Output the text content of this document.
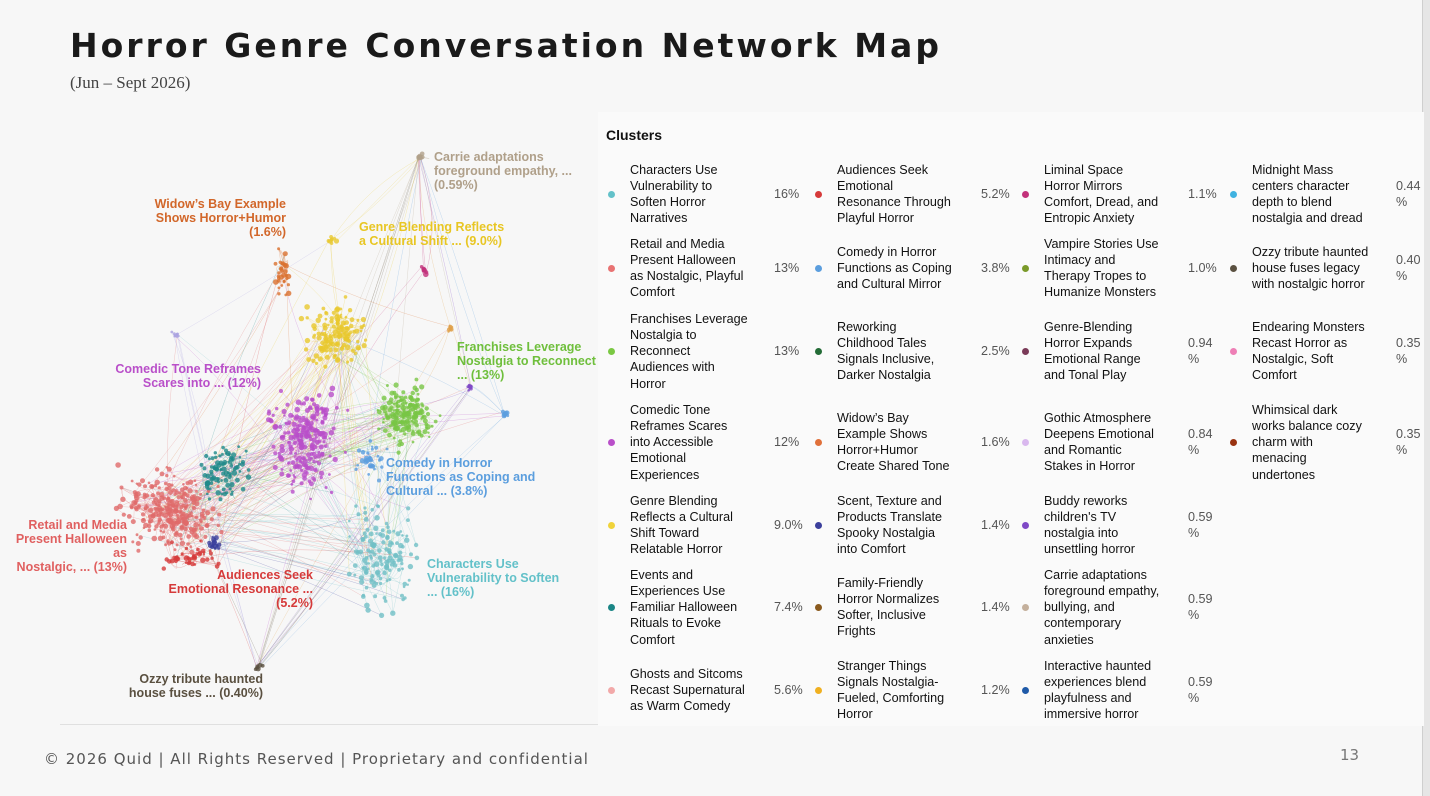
Horror Genre Conversation Network Map
(Jun – Sept 2026)
Carrie adaptations
foreground empathy, ...
(0.59%)
Widow’s Bay Example
Shows Horror+Humor
(1.6%)	Genre Blending Reflects
a Cultural Shift ... (9.0%)
Comedic Tone Reframes
Scares into ... (12%)
Franchises Leverage
Nostalgia to Reconnect
... (13%)
Comedy in Horror
Functions as Coping and
Cultural ... (3.8%)
Retail and Media
Present Halloween as
Nostalgic, ... (13%)
Audiences Seek
Emotional Resonance ...
(5.2%)
Characters Use
Vulnerability to Soften
... (16%)
Ozzy tribute haunted
house fuses ... (0.40%)
Clusters
Characters Use Vulnerability to Soften Horror Narratives
16%
Retail and Media Present Halloween as Nostalgic, Playful Comfort
13%
Franchises Leverage Nostalgia to Reconnect Audiences with Horror
13%
Comedic Tone Reframes Scares into Accessible Emotional Experiences
12%
Genre Blending Reflects a Cultural Shift Toward Relatable Horror
9.0%
Events and Experiences Use Familiar Halloween Rituals to Evoke Comfort
7.4%
Ghosts and Sitcoms Recast Supernatural as Warm Comedy
5.6%
Audiences Seek Emotional Resonance Through Playful Horror
5.2%
Comedy in Horror Functions as Coping and Cultural Mirror
3.8%
Reworking Childhood Tales Signals Inclusive, Darker Nostalgia
2.5%
Widow’s Bay Example Shows Horror+Humor Create Shared Tone
1.6%
Scent, Texture and Products Translate Spooky Nostalgia into Comfort
1.4%
Family-Friendly Horror Normalizes Softer, Inclusive Frights
1.4%
Stranger Things Signals Nostalgia-Fueled, Comforting Horror
1.2%
Liminal Space Horror Mirrors Comfort, Dread, and Entropic Anxiety
1.1%
Vampire Stories Use Intimacy and Therapy Tropes to Humanize Monsters
1.0%
Genre-Blending Horror Expands Emotional Range and Tonal Play
0.94
%
Gothic Atmosphere Deepens Emotional and Romantic Stakes in Horror
0.84
%
Buddy reworks children's TV nostalgia into unsettling horror
0.59
%
Carrie adaptations foreground empathy, bullying, and contemporary anxieties
0.59
%
Interactive haunted experiences blend playfulness and immersive horror
0.59
%
Midnight Mass centers character depth to blend nostalgia and dread
0.44
%
Ozzy tribute haunted house fuses legacy with nostalgic horror
0.40
%
Endearing Monsters Recast Horror as Nostalgic, Soft Comfort
0.35
%
Whimsical dark works balance cozy charm with menacing undertones
0.35
%
© 2026 Quid | All Rights Reserved | Proprietary and confidential	13
